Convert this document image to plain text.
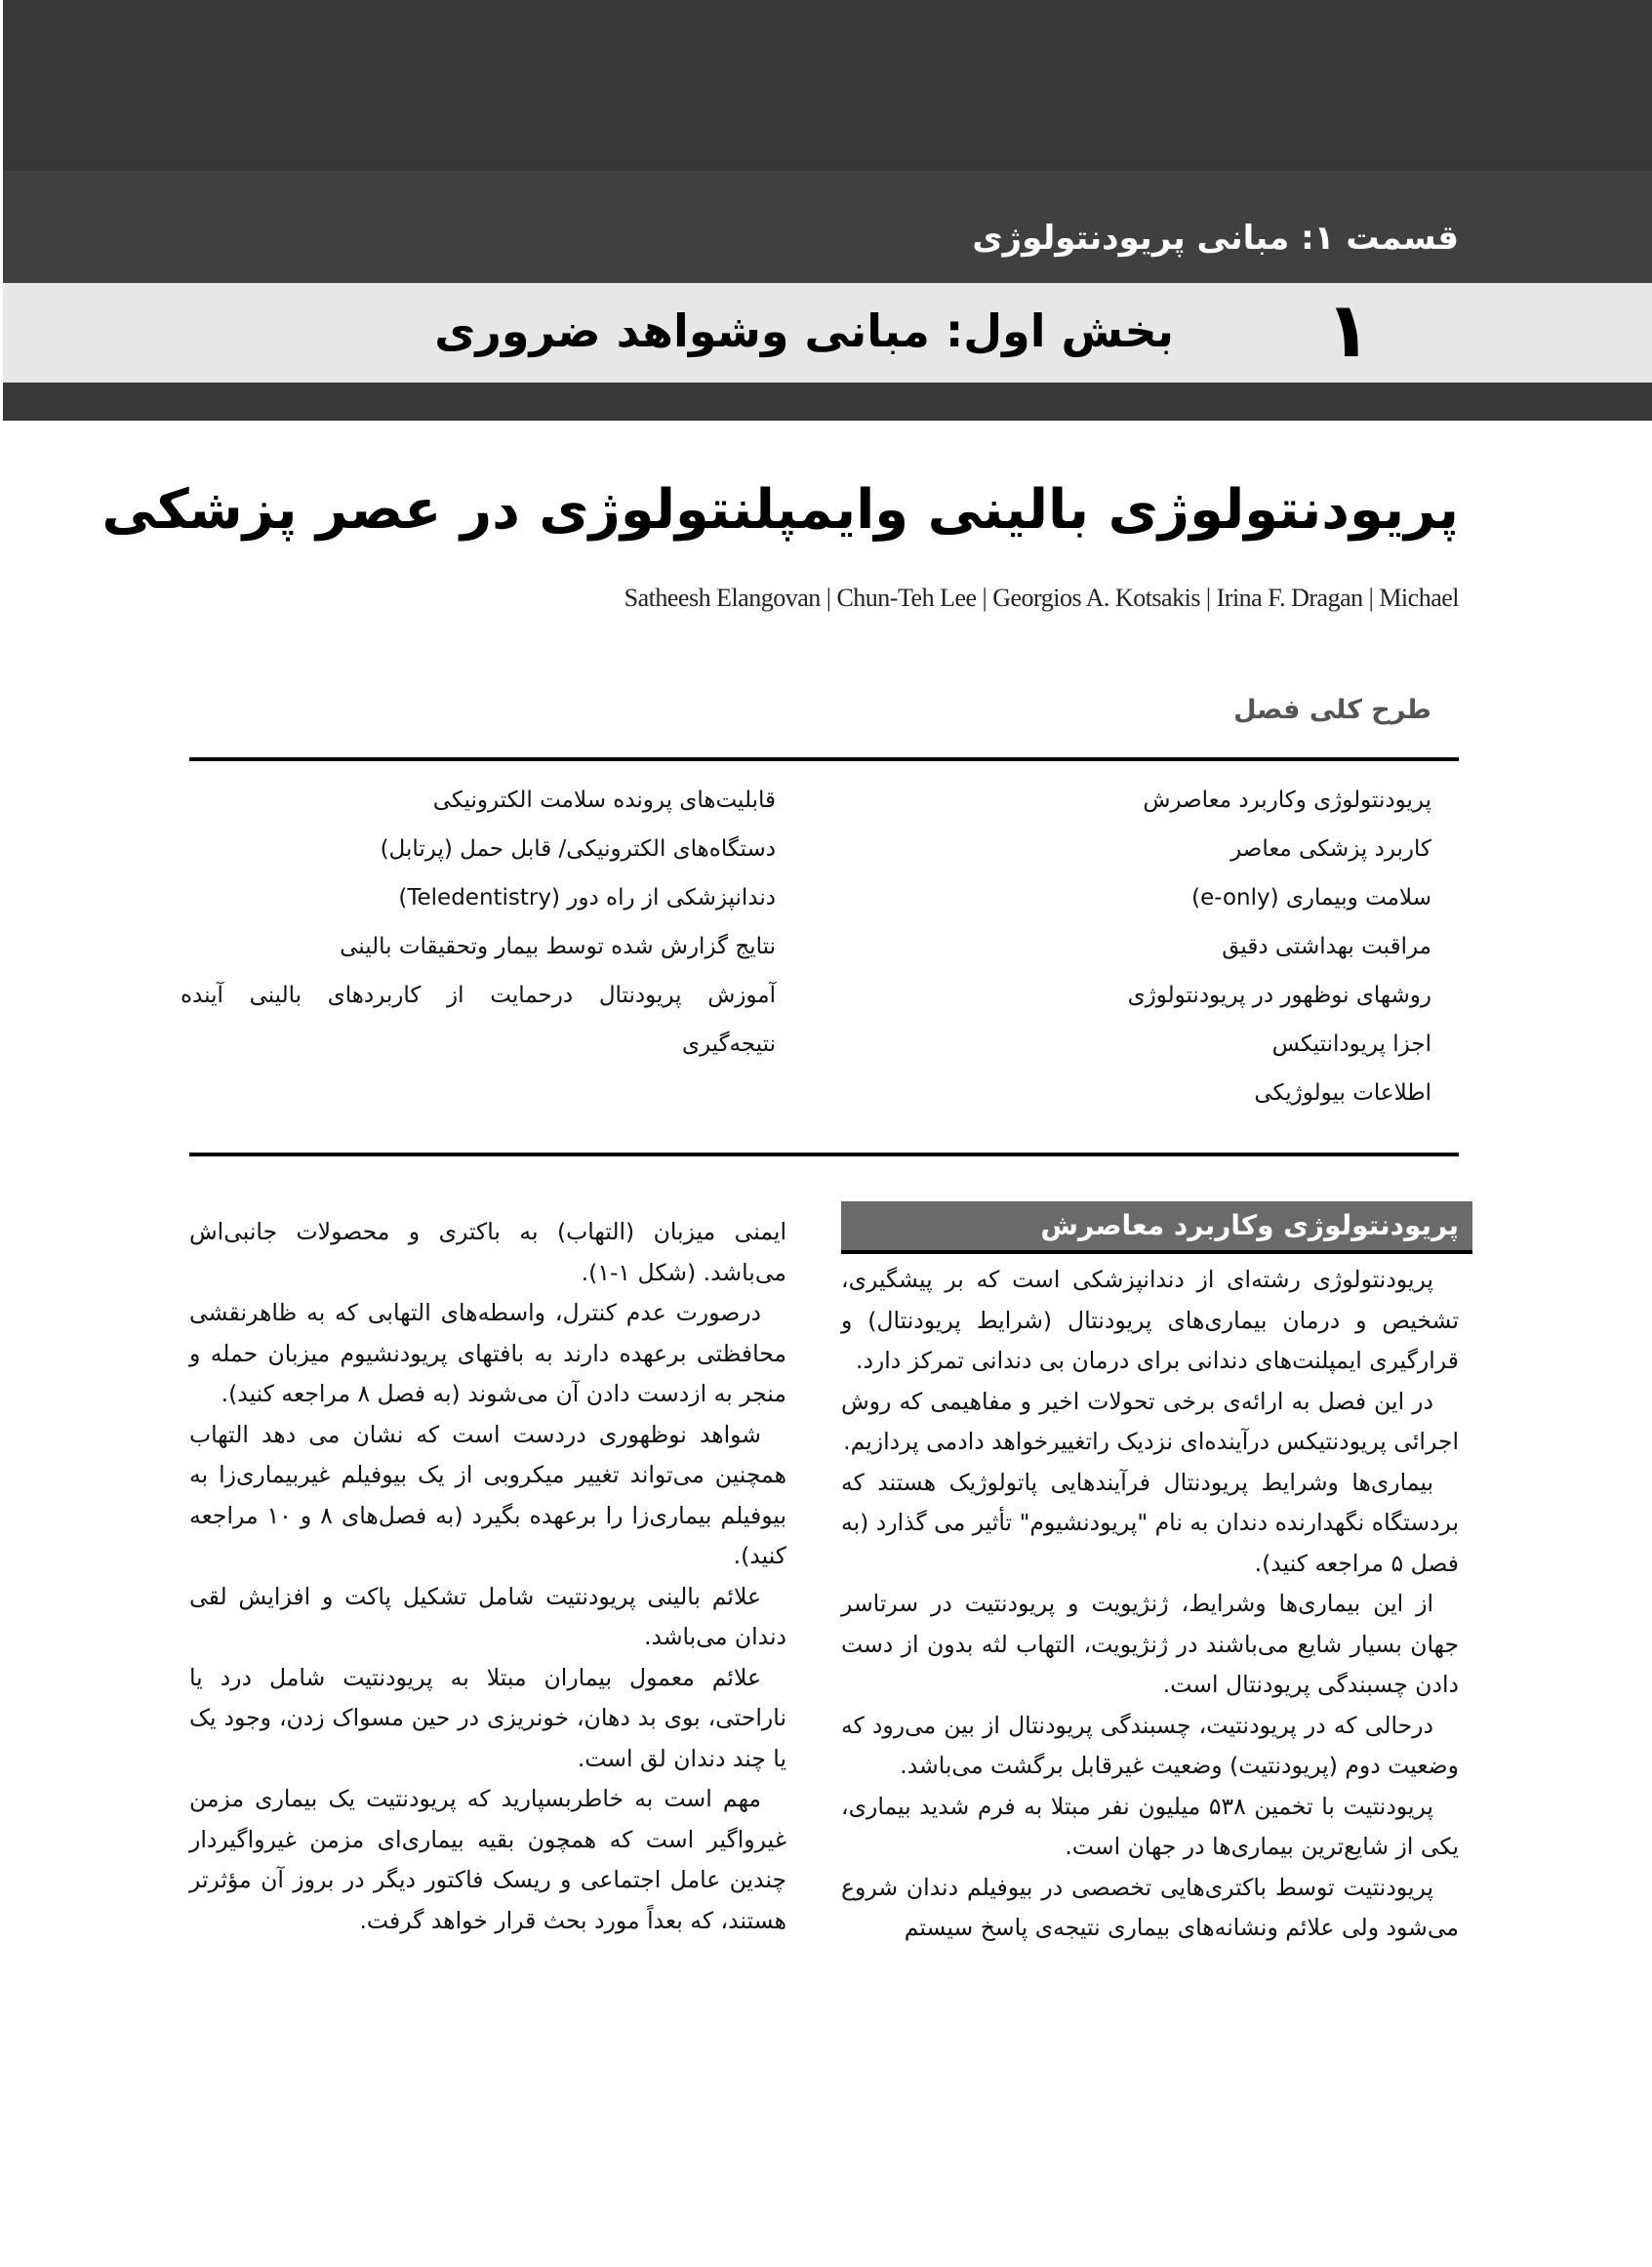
قسمت ۱: مبانی پریودنتولوژی
۱
بخش اول: مبانی وشواهد ضروری
پریودنتولوژی بالینی وایمپلنتولوژی در عصر پزشکی
Satheesh Elangovan | Chun-Teh Lee | Georgios A. Kotsakis | Irina F. Dragan | Michael
طرح کلی فصل
پریودنتولوژی وکاربرد معاصرش
کاربرد پزشکی معاصر
سلامت وبیماری (e-only)
مراقبت بهداشتی دقیق
روشهای نوظهور در پریودنتولوژی
اجزا پریودانتیکس
اطلاعات بیولوژیکی
قابلیت‌های پرونده سلامت الکترونیکی
دستگاه‌های الکترونیکی/ قابل حمل (پرتابل)
دندانپزشکی از راه دور (Teledentistry)
نتایج گزارش شده توسط بیمار وتحقیقات بالینی
آموزش پریودنتال درحمایت از کاربردهای بالینی آینده
نتیجه‌گیری
پریودنتولوژی وکاربرد معاصرش

پریودنتولوژی رشته‌ای از دندانپزشکی است که بر پیشگیری، تشخیص و درمان بیماری‌های پریودنتال (شرایط پریودنتال) و قرارگیری ایمپلنت‌های دندانی برای درمان بی دندانی تمرکز دارد.

در این فصل به ارائه‌ی برخی تحولات اخیر و مفاهیمی که روش اجرائی پریودنتیکس درآینده‌ای نزدیک راتغییرخواهد دادمی پردازیم.

بیماری‌ها وشرایط پریودنتال فرآیندهایی پاتولوژیک هستند که بردستگاه نگهدارنده دندان به نام "پریودنشیوم" تأثیر می گذارد (به فصل ۵ مراجعه کنید).

از این بیماری‌ها وشرایط، ژنژیویت و پریودنتیت در سرتاسر جهان بسیار شایع می‌باشند در ژنژیویت، التهاب لثه بدون از دست دادن چسبندگی پریودنتال است.

درحالی که در پریودنتیت، چسبندگی پریودنتال از بین می‌رود که وضعیت دوم (پریودنتیت) وضعیت غیرقابل برگشت می‌باشد.

پریودنتیت با تخمین ۵۳۸ میلیون نفر مبتلا به فرم شدید بیماری، یکی از شایع‌ترین بیماری‌ها در جهان است.

پریودنتیت توسط باکتری‌هایی تخصصی در بیوفیلم دندان شروع می‌شود ولی علائم ونشانه‌های بیماری نتیجه‌ی پاسخ سیستم

ایمنی میزبان (التهاب) به باکتری و محصولات جانبی‌اش می‌باشد. (شکل ۱-۱).

درصورت عدم کنترل، واسطه‌های التهابی که به ظاهرنقشی محافظتی برعهده دارند به بافتهای پریودنشیوم میزبان حمله و منجر به ازدست دادن آن می‌شوند (به فصل ۸ مراجعه کنید).

شواهد نوظهوری دردست است که نشان می دهد التهاب همچنین می‌تواند تغییر میکروبی از یک بیوفیلم غیربیماری‌زا به بیوفیلم بیماری‌زا را برعهده بگیرد (به فصل‌های ۸ و ۱۰ مراجعه کنید).

علائم بالینی پریودنتیت شامل تشکیل پاکت و افزایش لقی دندان می‌باشد.

علائم معمول بیماران مبتلا به پریودنتیت شامل درد یا ناراحتی، بوی بد دهان، خونریزی در حین مسواک زدن، وجود یک یا چند دندان لق است.

مهم است به خاطربسپارید که پریودنتیت یک بیماری مزمن غیرواگیر است که همچون بقیه بیماری‌ای مزمن غیرواگیردار چندین عامل اجتماعی و ریسک فاکتور دیگر در بروز آن مؤثرتر هستند، که بعداً مورد بحث قرار خواهد گرفت.
